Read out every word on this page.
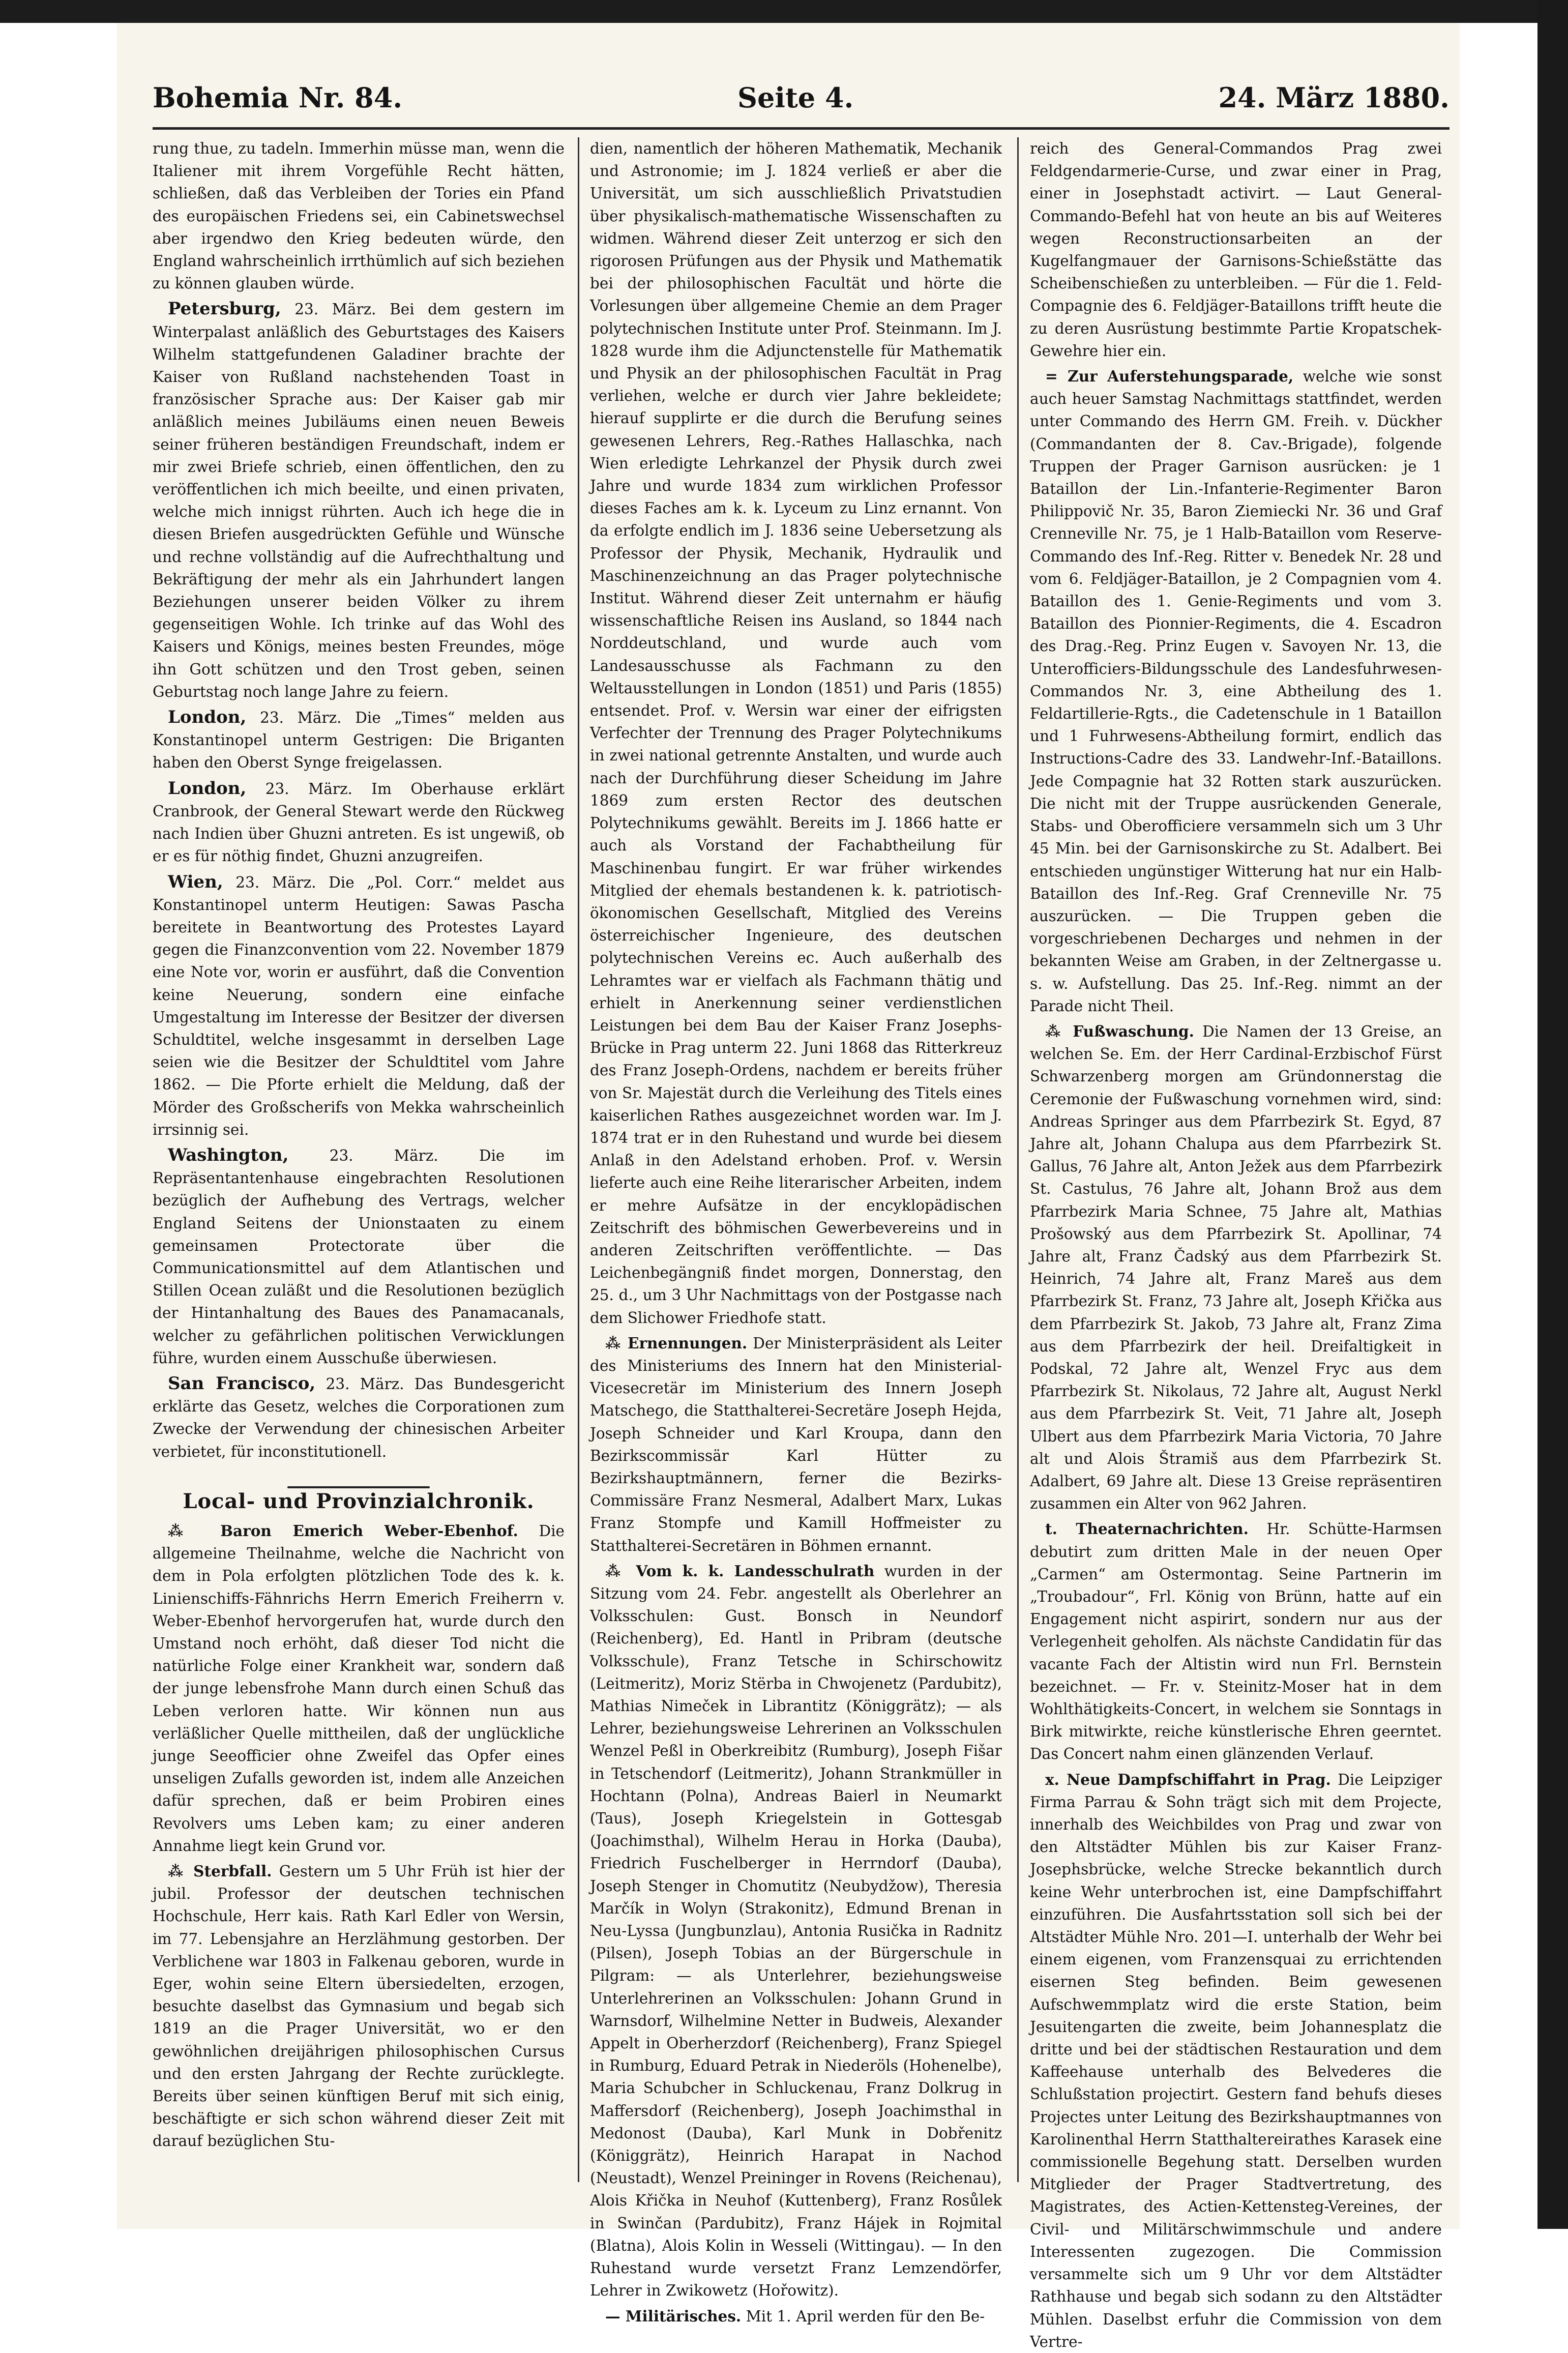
Bohemia Nr. 84.	Seite 4.	24. März 1880.

rung thue, zu tadeln. Immerhin müsse man, wenn die Italiener mit ihrem Vorgefühle Recht hätten, schließen, daß das Verbleiben der Tories ein Pfand des europäischen Friedens sei, ein Cabinetswechsel aber irgendwo den Krieg bedeuten würde, den England wahrscheinlich irrthümlich auf sich beziehen zu können glauben würde.

Petersburg, 23. März. Bei dem gestern im Winterpalast anläßlich des Geburtstages des Kaisers Wilhelm stattgefundenen Galadiner brachte der Kaiser von Rußland nachstehenden Toast in französischer Sprache aus: Der Kaiser gab mir anläßlich meines Jubiläums einen neuen Beweis seiner früheren beständigen Freundschaft, indem er mir zwei Briefe schrieb, einen öffentlichen, den zu veröffentlichen ich mich beeilte, und einen privaten, welche mich innigst rührten. Auch ich hege die in diesen Briefen ausgedrückten Gefühle und Wünsche und rechne vollständig auf die Aufrechthaltung und Bekräftigung der mehr als ein Jahrhundert langen Beziehungen unserer beiden Völker zu ihrem gegenseitigen Wohle. Ich trinke auf das Wohl des Kaisers und Königs, meines besten Freundes, möge ihn Gott schützen und den Trost geben, seinen Geburtstag noch lange Jahre zu feiern.

London, 23. März. Die „Times“ melden aus Konstantinopel unterm Gestrigen: Die Briganten haben den Oberst Synge freigelassen.

London, 23. März. Im Oberhause erklärt Cranbrook, der General Stewart werde den Rückweg nach Indien über Ghuzni antreten. Es ist ungewiß, ob er es für nöthig findet, Ghuzni anzugreifen.

Wien, 23. März. Die „Pol. Corr.“ meldet aus Konstantinopel unterm Heutigen: Sawas Pascha bereitete in Beantwortung des Protestes Layard gegen die Finanzconvention vom 22. November 1879 eine Note vor, worin er ausführt, daß die Convention keine Neuerung, sondern eine einfache Umgestaltung im Interesse der Besitzer der diversen Schuldtitel, welche insgesammt in derselben Lage seien wie die Besitzer der Schuldtitel vom Jahre 1862. — Die Pforte erhielt die Meldung, daß der Mörder des Großscherifs von Mekka wahrscheinlich irrsinnig sei.

Washington,	23. März. Die im Repräsentantenhause eingebrachten Resolutionen bezüglich der Aufhebung des Vertrags, welcher England Seitens der Unionstaaten zu einem gemeinsamen Protectorate über die Communicationsmittel auf dem Atlantischen und Stillen Ocean zuläßt und die Resolutionen bezüglich der Hintanhaltung des Baues des Panamacanals, welcher zu gefährlichen politischen Verwicklungen führe, wurden einem Ausschuße überwiesen.

San Francisco, 23. März. Das Bundesgericht erklärte das Gesetz, welches die Corporationen zum Zwecke der Verwendung der chinesischen Arbeiter verbietet, für inconstitutionell.

Local- und Provinzialchronik.

⁂ Baron Emerich Weber-Ebenhof. Die allgemeine Theilnahme, welche die Nachricht von dem in Pola erfolgten plötzlichen Tode des k. k. Linienschiffs-Fähnrichs Herrn Emerich Freiherrn v. Weber-Ebenhof hervorgerufen hat, wurde durch den Umstand noch erhöht, daß dieser Tod nicht die natürliche Folge einer Krankheit war, sondern daß der junge lebensfrohe Mann durch einen Schuß das Leben verloren hatte. Wir können nun aus verläßlicher Quelle mittheilen, daß der unglückliche junge Seeofficier ohne Zweifel das Opfer eines unseligen Zufalls geworden ist, indem alle Anzeichen dafür sprechen, daß er beim Probiren eines Revolvers ums Leben kam; zu einer anderen Annahme liegt kein Grund vor.

⁂ Sterbfall. Gestern um 5 Uhr Früh ist hier der jubil. Professor der deutschen technischen Hochschule, Herr kais. Rath Karl Edler von Wersin, im 77. Lebensjahre an Herzlähmung gestorben. Der Verblichene war 1803 in Falkenau geboren, wurde in Eger, wohin seine Eltern übersiedelten, erzogen, besuchte daselbst das Gymnasium und begab sich 1819 an die Prager Universität, wo er den gewöhnlichen dreijährigen philosophischen Cursus und den ersten Jahrgang der Rechte zurücklegte. Bereits über seinen künftigen Beruf mit sich einig, beschäftigte er sich schon während dieser Zeit mit darauf bezüglichen Stu-

dien, namentlich der höheren Mathematik, Mechanik und Astronomie; im J. 1824 verließ er aber die Universität, um sich ausschließlich Privatstudien über physikalisch-mathematische Wissenschaften zu widmen. Während dieser Zeit unterzog er sich den rigorosen Prüfungen aus der Physik und Mathematik bei der philosophischen Facultät und hörte die Vorlesungen über allgemeine Chemie an dem Prager polytechnischen Institute unter Prof. Steinmann. Im J. 1828 wurde ihm die Adjunctenstelle für Mathematik und Physik an der philosophischen Facultät in Prag verliehen, welche er durch vier Jahre bekleidete; hierauf supplirte er die durch die Berufung seines gewesenen Lehrers, Reg.-Rathes Hallaschka, nach Wien erledigte Lehrkanzel der Physik durch zwei Jahre und wurde 1834 zum wirklichen Professor dieses Faches am k. k. Lyceum zu Linz ernannt. Von da erfolgte endlich im J. 1836 seine Uebersetzung als Professor der Physik, Mechanik, Hydraulik und Maschinenzeichnung an das Prager polytechnische Institut. Während dieser Zeit unternahm er häufig wissenschaftliche Reisen ins Ausland, so 1844 nach Norddeutschland, und wurde auch vom Landesausschusse als Fachmann zu den Weltausstellungen in London (1851) und Paris (1855) entsendet. Prof. v. Wersin war einer der eifrigsten Verfechter der Trennung des Prager Polytechnikums in zwei national getrennte Anstalten, und wurde auch nach der Durchführung dieser Scheidung im Jahre 1869 zum ersten Rector des deutschen Polytechnikums gewählt. Bereits im J. 1866 hatte er auch als Vorstand der Fachabtheilung für Maschinenbau fungirt. Er war früher wirkendes Mitglied der ehemals bestandenen k. k. patriotisch-ökonomischen Gesellschaft, Mitglied des Vereins österreichischer Ingenieure, des deutschen polytechnischen Vereins ec. Auch außerhalb des Lehramtes war er vielfach als Fachmann thätig und erhielt in Anerkennung seiner verdienstlichen Leistungen bei dem Bau der Kaiser Franz Josephs-Brücke in Prag unterm 22. Juni 1868 das Ritterkreuz des Franz Joseph-Ordens, nachdem er bereits früher von Sr. Majestät durch die Verleihung des Titels eines kaiserlichen Rathes ausgezeichnet worden war. Im J. 1874 trat er in den Ruhestand und wurde bei diesem Anlaß in den Adelstand erhoben. Prof. v. Wersin lieferte auch eine Reihe literarischer Arbeiten, indem er mehre Aufsätze in der encyklopädischen Zeitschrift des böhmischen Gewerbevereins und in anderen Zeitschriften veröffentlichte. — Das Leichenbegängniß findet morgen, Donnerstag, den 25. d., um 3 Uhr Nachmittags von der Postgasse nach dem Slichower Friedhofe statt.

⁂ Ernennungen. Der Ministerpräsident als Leiter des Ministeriums des Innern hat den Ministerial-Vicesecretär im Ministerium des Innern Joseph Matschego, die Statthalterei-Secretäre Joseph Hejda, Joseph Schneider und Karl Kroupa, dann den Bezirkscommissär Karl Hütter zu Bezirkshauptmännern, ferner die Bezirks-Commissäre Franz Nesmeral, Adalbert Marx, Lukas Franz Stompfe und Kamill Hoffmeister zu Statthalterei-Secretären in Böhmen ernannt.

⁂ Vom k. k. Landesschulrath wurden in der Sitzung vom 24. Febr. angestellt als Oberlehrer an Volksschulen: Gust. Bonsch in Neundorf (Reichenberg), Ed. Hantl in Pribram (deutsche Volksschule), Franz Tetsche in Schirschowitz (Leitmeritz), Moriz Stërba in Chwojenetz (Pardubitz), Mathias Nimeček in Librantitz (Königgrätz); — als Lehrer, beziehungsweise Lehrerinen an Volksschulen Wenzel Peßl in Oberkreibitz (Rumburg), Joseph Fišar in Tetschendorf (Leitmeritz), Johann Strankmüller in Hochtann (Polna), Andreas Baierl in Neumarkt (Taus), Joseph Kriegelstein in Gottesgab (Joachimsthal), Wilhelm Herau in Horka (Dauba), Friedrich Fuschelberger in Herrndorf (Dauba), Joseph Stenger in Chomutitz (Neubydžow), Theresia Marčík in Wolyn (Strakonitz), Edmund Brenan in Neu-Lyssa (Jungbunzlau), Antonia Rusička in Radnitz (Pilsen), Joseph Tobias an der Bürgerschule in Pilgram: — als Unterlehrer, beziehungsweise Unterlehrerinen an Volksschulen: Johann Grund in Warnsdorf, Wilhelmine Netter in Budweis, Alexander Appelt in Oberherzdorf (Reichenberg), Franz Spiegel in Rumburg, Eduard Petrak in Niederöls (Hohenelbe), Maria Schubcher in Schluckenau, Franz Dolkrug in Maffersdorf (Reichenberg), Joseph Joachimsthal in Medonost (Dauba), Karl Munk in Dobřenitz (Königgrätz), Heinrich Harapat in Nachod (Neustadt), Wenzel Preininger in Rovens (Reichenau), Alois Křička in Neuhof (Kuttenberg), Franz Rosůlek in Swinčan (Pardubitz), Franz Hájek in Rojmital (Blatna), Alois Kolin in Wesseli (Wittingau). — In den Ruhestand wurde versetzt Franz Lemzendörfer, Lehrer in Zwikowetz (Hořowitz).

— Militärisches. Mit 1. April werden für den Be-

reich des General-Commandos Prag zwei Feldgendarmerie-Curse, und zwar einer in Prag, einer in Josephstadt activirt. — Laut General-Commando-Befehl hat von heute an bis auf Weiteres wegen Reconstructionsarbeiten an der Kugelfangmauer der Garnisons-Schießstätte das Scheibenschießen zu unterbleiben. — Für die 1. Feld-Compagnie des 6. Feldjäger-Bataillons trifft heute die zu deren Ausrüstung bestimmte Partie Kropatschek-Gewehre hier ein.

= Zur Auferstehungsparade, welche wie sonst auch heuer Samstag Nachmittags stattfindet, werden unter Commando des Herrn GM. Freih. v. Dückher (Commandanten der 8. Cav.-Brigade), folgende Truppen der Prager Garnison ausrücken: je 1 Bataillon der Lin.-Infanterie-Regimenter Baron Philippovič Nr. 35, Baron Ziemiecki Nr. 36 und Graf Crenneville Nr. 75, je 1 Halb-Bataillon vom Reserve-Commando des Inf.-Reg. Ritter v. Benedek Nr. 28 und vom 6. Feldjäger-Bataillon, je 2 Compagnien vom 4. Bataillon des 1. Genie-Regiments und vom 3. Bataillon des Pionnier-Regiments, die 4. Escadron des Drag.-Reg. Prinz Eugen v. Savoyen Nr. 13, die Unterofficiers-Bildungsschule des Landesfuhrwesen-Commandos Nr. 3, eine Abtheilung des 1. Feldartillerie-Rgts., die Cadetenschule in 1 Bataillon und 1 Fuhrwesens-Abtheilung formirt, endlich das Instructions-Cadre des 33. Landwehr-Inf.-Bataillons. Jede Compagnie hat 32 Rotten stark auszurücken. Die nicht mit der Truppe ausrückenden Generale, Stabs- und Oberofficiere versammeln sich um 3 Uhr 45 Min. bei der Garnisonskirche zu St. Adalbert. Bei entschieden ungünstiger Witterung hat nur ein Halb-Bataillon des Inf.-Reg. Graf Crenneville Nr. 75 auszurücken. — Die Truppen geben die vorgeschriebenen Decharges und nehmen in der bekannten Weise am Graben, in der Zeltnergasse u. s. w. Aufstellung. Das 25. Inf.-Reg. nimmt an der Parade nicht Theil.

⁂ Fußwaschung. Die Namen der 13 Greise, an welchen Se. Em. der Herr Cardinal-Erzbischof Fürst Schwarzenberg morgen am Gründonnerstag die Ceremonie der Fußwaschung vornehmen wird, sind: Andreas Springer aus dem Pfarrbezirk St. Egyd, 87 Jahre alt, Johann Chalupa aus dem Pfarrbezirk St. Gallus, 76 Jahre alt, Anton Ježek aus dem Pfarrbezirk St. Castulus, 76 Jahre alt, Johann Brož aus dem Pfarrbezirk Maria Schnee, 75 Jahre alt, Mathias Prošowský aus dem Pfarrbezirk St. Apollinar, 74 Jahre alt, Franz Čadský aus dem Pfarrbezirk St. Heinrich, 74 Jahre alt, Franz Mareš aus dem Pfarrbezirk St. Franz, 73 Jahre alt, Joseph Křička aus dem Pfarrbezirk St. Jakob, 73 Jahre alt, Franz Zima aus dem Pfarrbezirk der heil. Dreifaltigkeit in Podskal, 72 Jahre alt, Wenzel Fryc aus dem Pfarrbezirk St. Nikolaus, 72 Jahre alt, August Nerkl aus dem Pfarrbezirk St. Veit, 71 Jahre alt, Joseph Ulbert aus dem Pfarrbezirk Maria Victoria, 70 Jahre alt und Alois Štramiš aus dem Pfarrbezirk St. Adalbert, 69 Jahre alt. Diese 13 Greise repräsentiren zusammen ein Alter von 962 Jahren.

t. Theaternachrichten. Hr. Schütte-Harmsen debutirt zum dritten Male in der neuen Oper „Carmen“ am Ostermontag. Seine Partnerin im „Troubadour“, Frl. König von Brünn, hatte auf ein Engagement nicht aspirirt, sondern nur aus der Verlegenheit geholfen. Als nächste Candidatin für das vacante Fach der Altistin wird nun Frl. Bernstein bezeichnet. — Fr. v. Steinitz-Moser hat in dem Wohlthätigkeits-Concert, in welchem sie Sonntags in Birk mitwirkte, reiche künstlerische Ehren geerntet. Das Concert nahm einen glänzenden Verlauf.

x. Neue Dampfschiffahrt in Prag. Die Leipziger Firma Parrau & Sohn trägt sich mit dem Projecte, innerhalb des Weichbildes von Prag und zwar von den Altstädter Mühlen bis zur Kaiser Franz-Josephsbrücke, welche Strecke bekanntlich durch keine Wehr unterbrochen ist, eine Dampfschiffahrt einzuführen. Die Ausfahrtsstation soll sich bei der Altstädter Mühle Nro. 201—I. unterhalb der Wehr bei einem eigenen, vom Franzensquai zu errichtenden eisernen Steg befinden. Beim gewesenen Aufschwemmplatz wird die erste Station, beim Jesuitengarten die zweite, beim Johannesplatz die dritte und bei der städtischen Restauration und dem Kaffeehause unterhalb des Belvederes die Schlußstation projectirt. Gestern fand behufs dieses Projectes unter Leitung des Bezirkshauptmannes von Karolinenthal Herrn Statthaltereirathes Karasek eine commissionelle Begehung statt. Derselben wurden Mitglieder der Prager Stadtvertretung, des Magistrates, des Actien-Kettensteg-Vereines, der Civil- und Militärschwimmschule und andere Interessenten zugezogen. Die Commission versammelte sich um 9 Uhr vor dem Altstädter Rathhause und begab sich sodann zu den Altstädter Mühlen. Daselbst erfuhr die Commission von dem Vertre-
